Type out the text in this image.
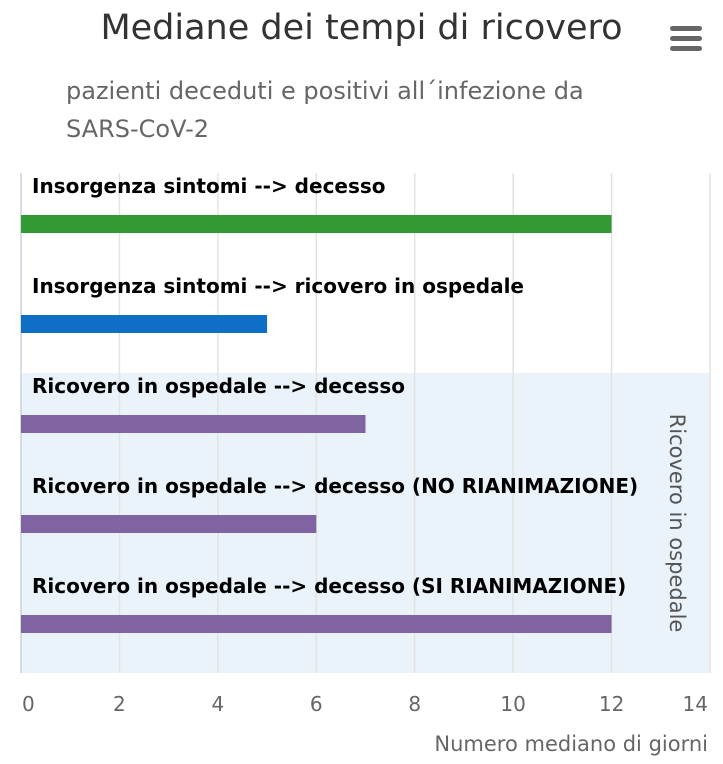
Mediane dei tempi di ricovero
pazienti deceduti e positivi all´infezione da SARS-CoV-2
Ricovero in ospedale
Insorgenza sintomi --> decesso
Insorgenza sintomi --> ricovero in ospedale
Ricovero in ospedale --> decesso
Ricovero in ospedale --> decesso (NO RIANIMAZIONE)
Ricovero in ospedale --> decesso (SI RIANIMAZIONE)
0	2	4	6	8	10	12	14
Numero mediano di giorni
